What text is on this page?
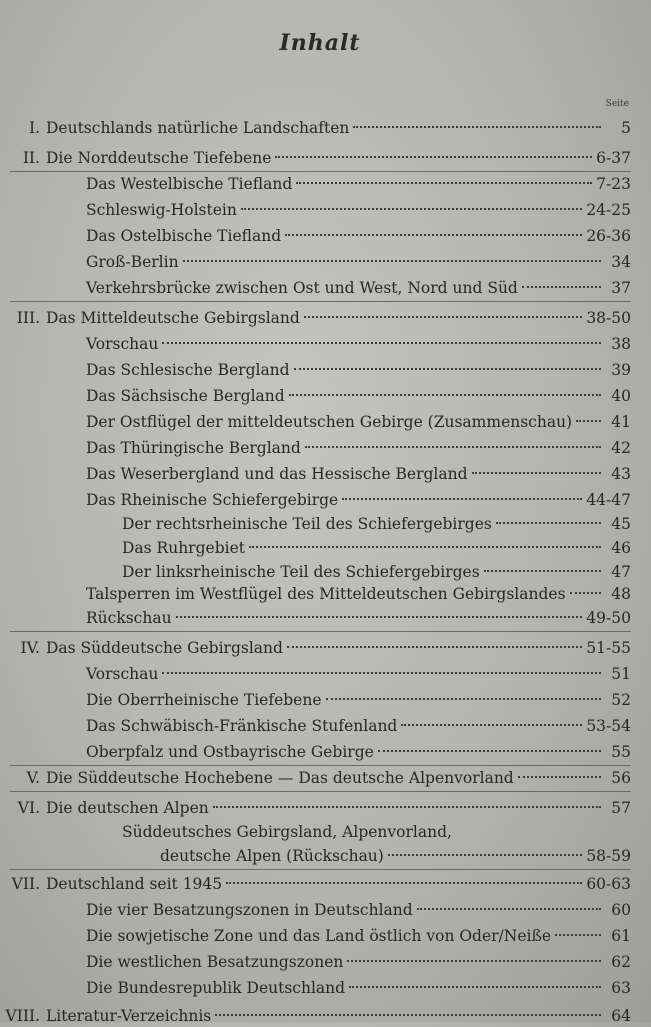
Inhalt
Seite
I. Deutschlands natürliche Landschaften	5
II. Die Norddeutsche Tiefebene	6-37
Das Westelbische Tiefland	7-23
Schleswig-Holstein	24-25
Das Ostelbische Tiefland	26-36
Groß-Berlin	34
Verkehrsbrücke zwischen Ost und West, Nord und Süd	37
III. Das Mitteldeutsche Gebirgsland	38-50
Vorschau	38
Das Schlesische Bergland	39
Das Sächsische Bergland	40
Der Ostflügel der mitteldeutschen Gebirge (Zusammenschau)	41
Das Thüringische Bergland	42
Das Weserbergland und das Hessische Bergland	43
Das Rheinische Schiefergebirge	44-47
Der rechtsrheinische Teil des Schiefergebirges	45
Das Ruhrgebiet	46
Der linksrheinische Teil des Schiefergebirges	47
Talsperren im Westflügel des Mitteldeutschen Gebirgslandes	48
Rückschau	49-50
IV. Das Süddeutsche Gebirgsland	51-55
Vorschau	51
Die Oberrheinische Tiefebene	52
Das Schwäbisch-Fränkische Stufenland	53-54
Oberpfalz und Ostbayrische Gebirge	55
V. Die Süddeutsche Hochebene — Das deutsche Alpenvorland	56
VI. Die deutschen Alpen	57
Süddeutsches Gebirgsland, Alpenvorland,
deutsche Alpen (Rückschau)	58-59
VII. Deutschland seit 1945	60-63
Die vier Besatzungszonen in Deutschland	60
Die sowjetische Zone und das Land östlich von Oder/Neiße	61
Die westlichen Besatzungszonen	62
Die Bundesrepublik Deutschland	63
VIII. Literatur-Verzeichnis	64
